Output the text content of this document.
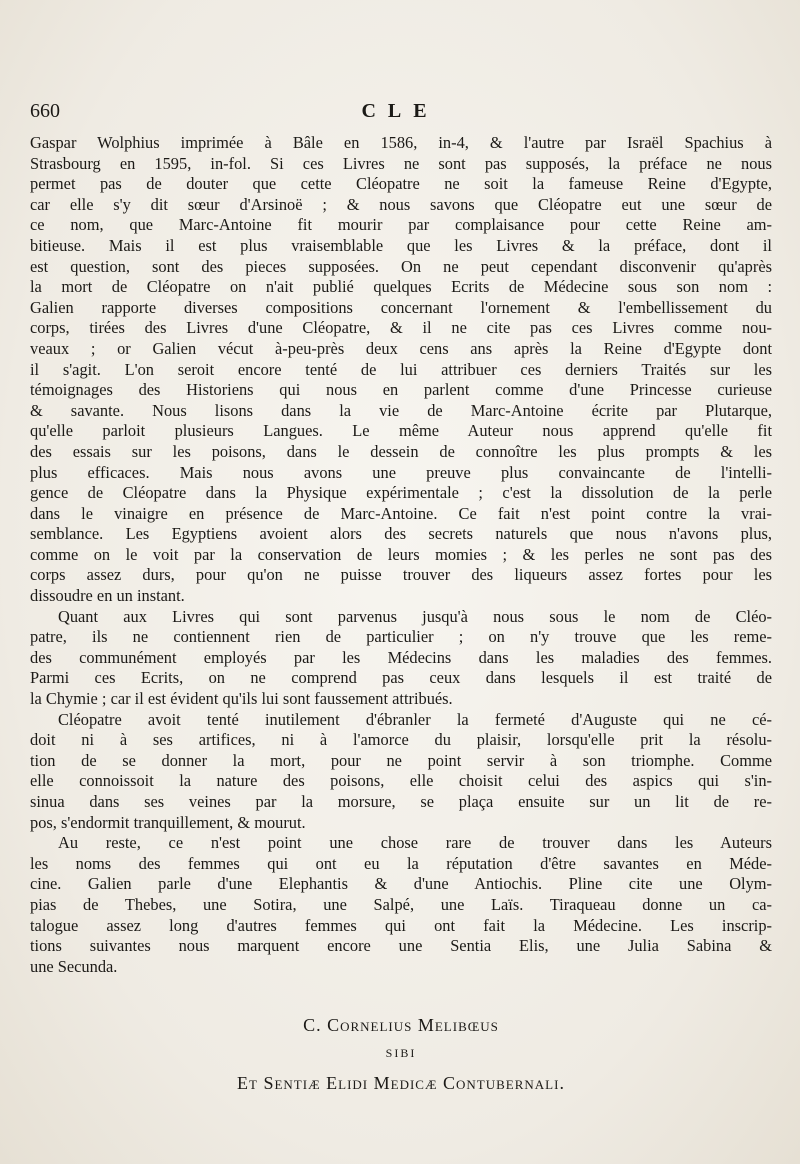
660	CLE
Gaspar Wolphius imprimée à Bâle en 1586, in-4, & l'autre par Israël Spachius à
Strasbourg en 1595, in-fol. Si ces Livres ne sont pas supposés, la préface ne nous
permet pas de douter que cette Cléopatre ne soit la fameuse Reine d'Egypte,
car elle s'y dit sœur d'Arsinoë ; & nous savons que Cléopatre eut une sœur de
ce nom, que Marc-Antoine fit mourir par complaisance pour cette Reine am-
bitieuse. Mais il est plus vraisemblable que les Livres & la préface, dont il
est question, sont des pieces supposées. On ne peut cependant disconvenir qu'après
la mort de Cléopatre on n'ait publié quelques Ecrits de Médecine sous son nom :
Galien rapporte diverses compositions concernant l'ornement & l'embellissement du
corps, tirées des Livres d'une Cléopatre, & il ne cite pas ces Livres comme nou-
veaux ; or Galien vécut à-peu-près deux cens ans après la Reine d'Egypte dont
il s'agit. L'on seroit encore tenté de lui attribuer ces derniers Traités sur les
témoignages des Historiens qui nous en parlent comme d'une Princesse curieuse
& savante. Nous lisons dans la vie de Marc-Antoine écrite par Plutarque,
qu'elle parloit plusieurs Langues. Le même Auteur nous apprend qu'elle fit
des essais sur les poisons, dans le dessein de connoître les plus prompts & les
plus efficaces. Mais nous avons une preuve plus convaincante de l'intelli-
gence de Cléopatre dans la Physique expérimentale ; c'est la dissolution de la perle
dans le vinaigre en présence de Marc-Antoine. Ce fait n'est point contre la vrai-
semblance. Les Egyptiens avoient alors des secrets naturels que nous n'avons plus,
comme on le voit par la conservation de leurs momies ; & les perles ne sont pas des
corps assez durs, pour qu'on ne puisse trouver des liqueurs assez fortes pour les
dissoudre en un instant.
Quant aux Livres qui sont parvenus jusqu'à nous sous le nom de Cléo-
patre, ils ne contiennent rien de particulier ; on n'y trouve que les reme-
des communément employés par les Médecins dans les maladies des femmes.
Parmi ces Ecrits, on ne comprend pas ceux dans lesquels il est traité de
la Chymie ; car il est évident qu'ils lui sont faussement attribués.
Cléopatre avoit tenté inutilement d'ébranler la fermeté d'Auguste qui ne cé-
doit ni à ses artifices, ni à l'amorce du plaisir, lorsqu'elle prit la résolu-
tion de se donner la mort, pour ne point servir à son triomphe. Comme
elle connoissoit la nature des poisons, elle choisit celui des aspics qui s'in-
sinua dans ses veines par la morsure, se plaça ensuite sur un lit de re-
pos, s'endormit tranquillement, & mourut.
Au reste, ce n'est point une chose rare de trouver dans les Auteurs
les noms des femmes qui ont eu la réputation d'être savantes en Méde-
cine. Galien parle d'une Elephantis & d'une Antiochis. Pline cite une Olym-
pias de Thebes, une Sotira, une Salpé, une Laïs. Tiraqueau donne un ca-
talogue assez long d'autres femmes qui ont fait la Médecine. Les inscrip-
tions suivantes nous marquent encore une Sentia Elis, une Julia Sabina &
une Secunda.
C. Cornelius Melibœus
SIBI
Et Sentiæ Elidi Medicæ Contubernali.
